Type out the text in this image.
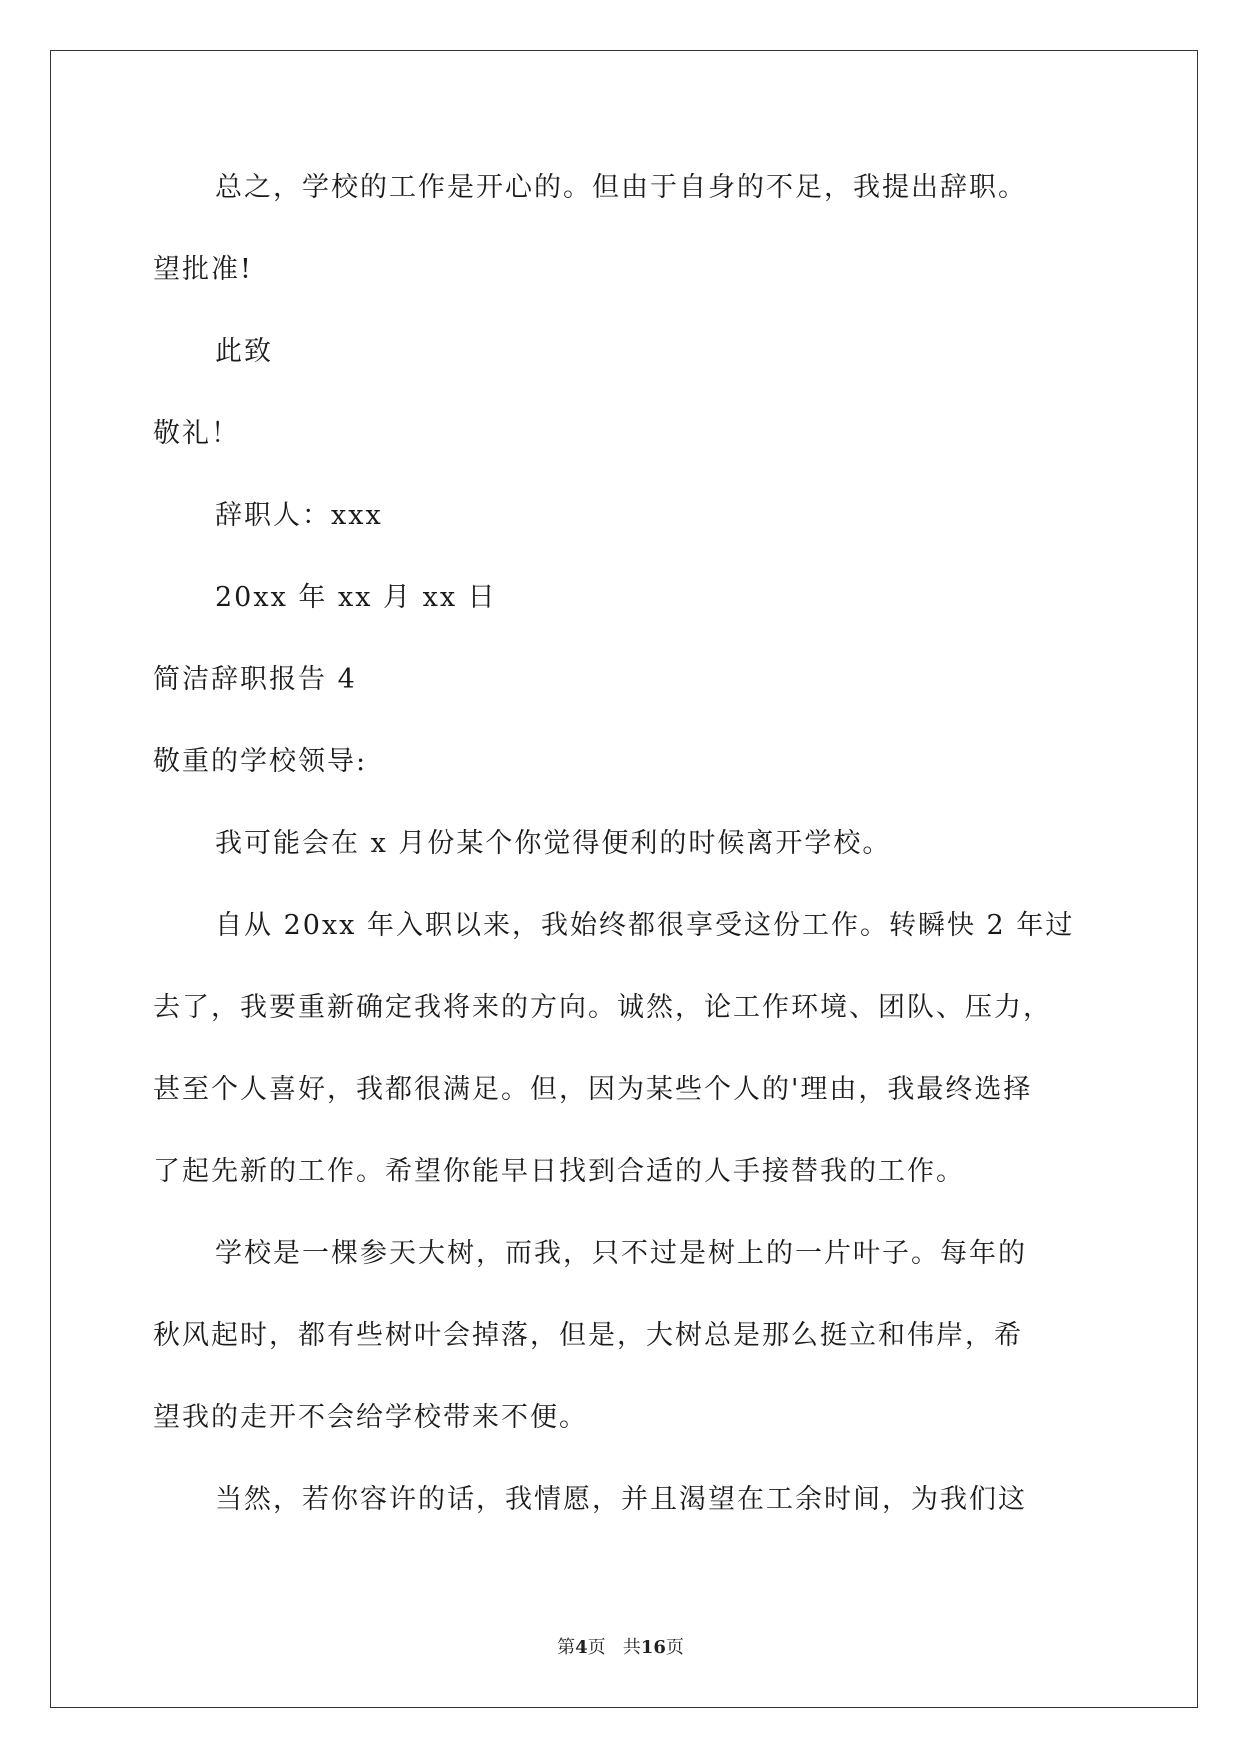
总之，学校的工作是开心的。但由于自身的不足，我提出辞职。
望批准!
此致
敬礼！
辞职人：xxx
20xx 年 xx 月 xx 日
简洁辞职报告 4
敬重的学校领导:
我可能会在 x 月份某个你觉得便利的时候离开学校。
自从 20xx 年入职以来，我始终都很享受这份工作。转瞬快 2 年过
去了，我要重新确定我将来的方向。诚然，论工作环境、团队、压力，
甚至个人喜好，我都很满足。但，因为某些个人的'理由，我最终选择
了起先新的工作。希望你能早日找到合适的人手接替我的工作。
学校是一棵参天大树，而我，只不过是树上的一片叶子。每年的
秋风起时，都有些树叶会掉落，但是，大树总是那么挺立和伟岸，希
望我的走开不会给学校带来不便。
当然，若你容许的话，我情愿，并且渴望在工余时间，为我们这
第4页 共16页
